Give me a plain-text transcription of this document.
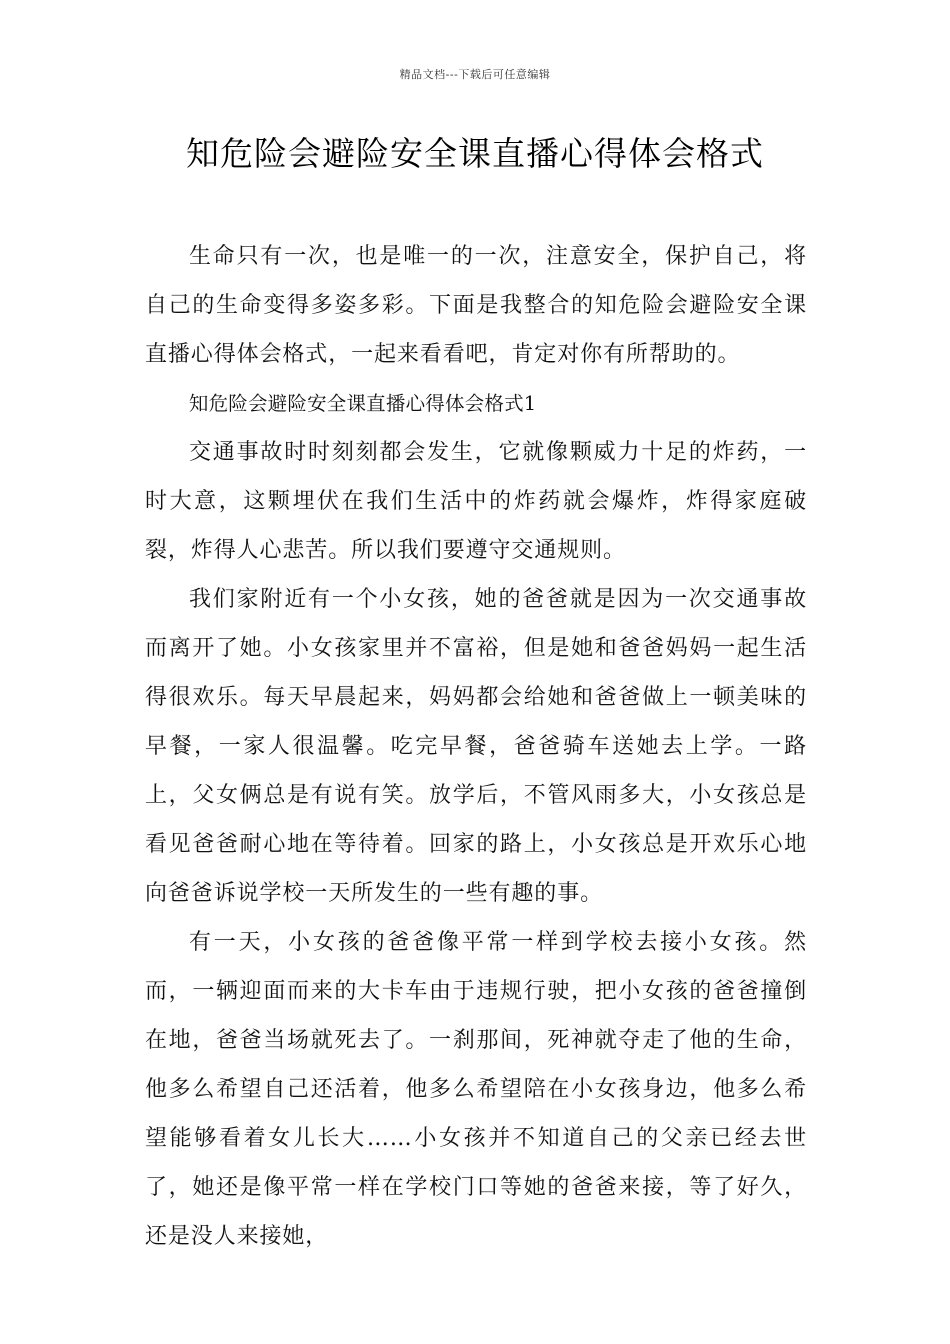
精品文档---下载后可任意编辑
知危险会避险安全课直播心得体会格式

生命只有一次，也是唯一的一次，注意安全，保护自己，将自己的生命变得多姿多彩。下面是我整合的知危险会避险安全课直播心得体会格式，一起来看看吧，肯定对你有所帮助的。

知危险会避险安全课直播心得体会格式1

交通事故时时刻刻都会发生，它就像颗威力十足的炸药，一时大意，这颗埋伏在我们生活中的炸药就会爆炸，炸得家庭破裂，炸得人心悲苦。所以我们要遵守交通规则。

我们家附近有一个小女孩，她的爸爸就是因为一次交通事故而离开了她。小女孩家里并不富裕，但是她和爸爸妈妈一起生活得很欢乐。每天早晨起来，妈妈都会给她和爸爸做上一顿美味的早餐，一家人很温馨。吃完早餐，爸爸骑车送她去上学。一路上，父女俩总是有说有笑。放学后，不管风雨多大，小女孩总是看见爸爸耐心地在等待着。回家的路上，小女孩总是开欢乐心地向爸爸诉说学校一天所发生的一些有趣的事。

有一天，小女孩的爸爸像平常一样到学校去接小女孩。然而，一辆迎面而来的大卡车由于违规行驶，把小女孩的爸爸撞倒在地，爸爸当场就死去了。一刹那间，死神就夺走了他的生命，他多么希望自己还活着，他多么希望陪在小女孩身边，他多么希望能够看着女儿长大……小女孩并不知道自己的父亲已经去世了，她还是像平常一样在学校门口等她的爸爸来接，等了好久，还是没人来接她，
